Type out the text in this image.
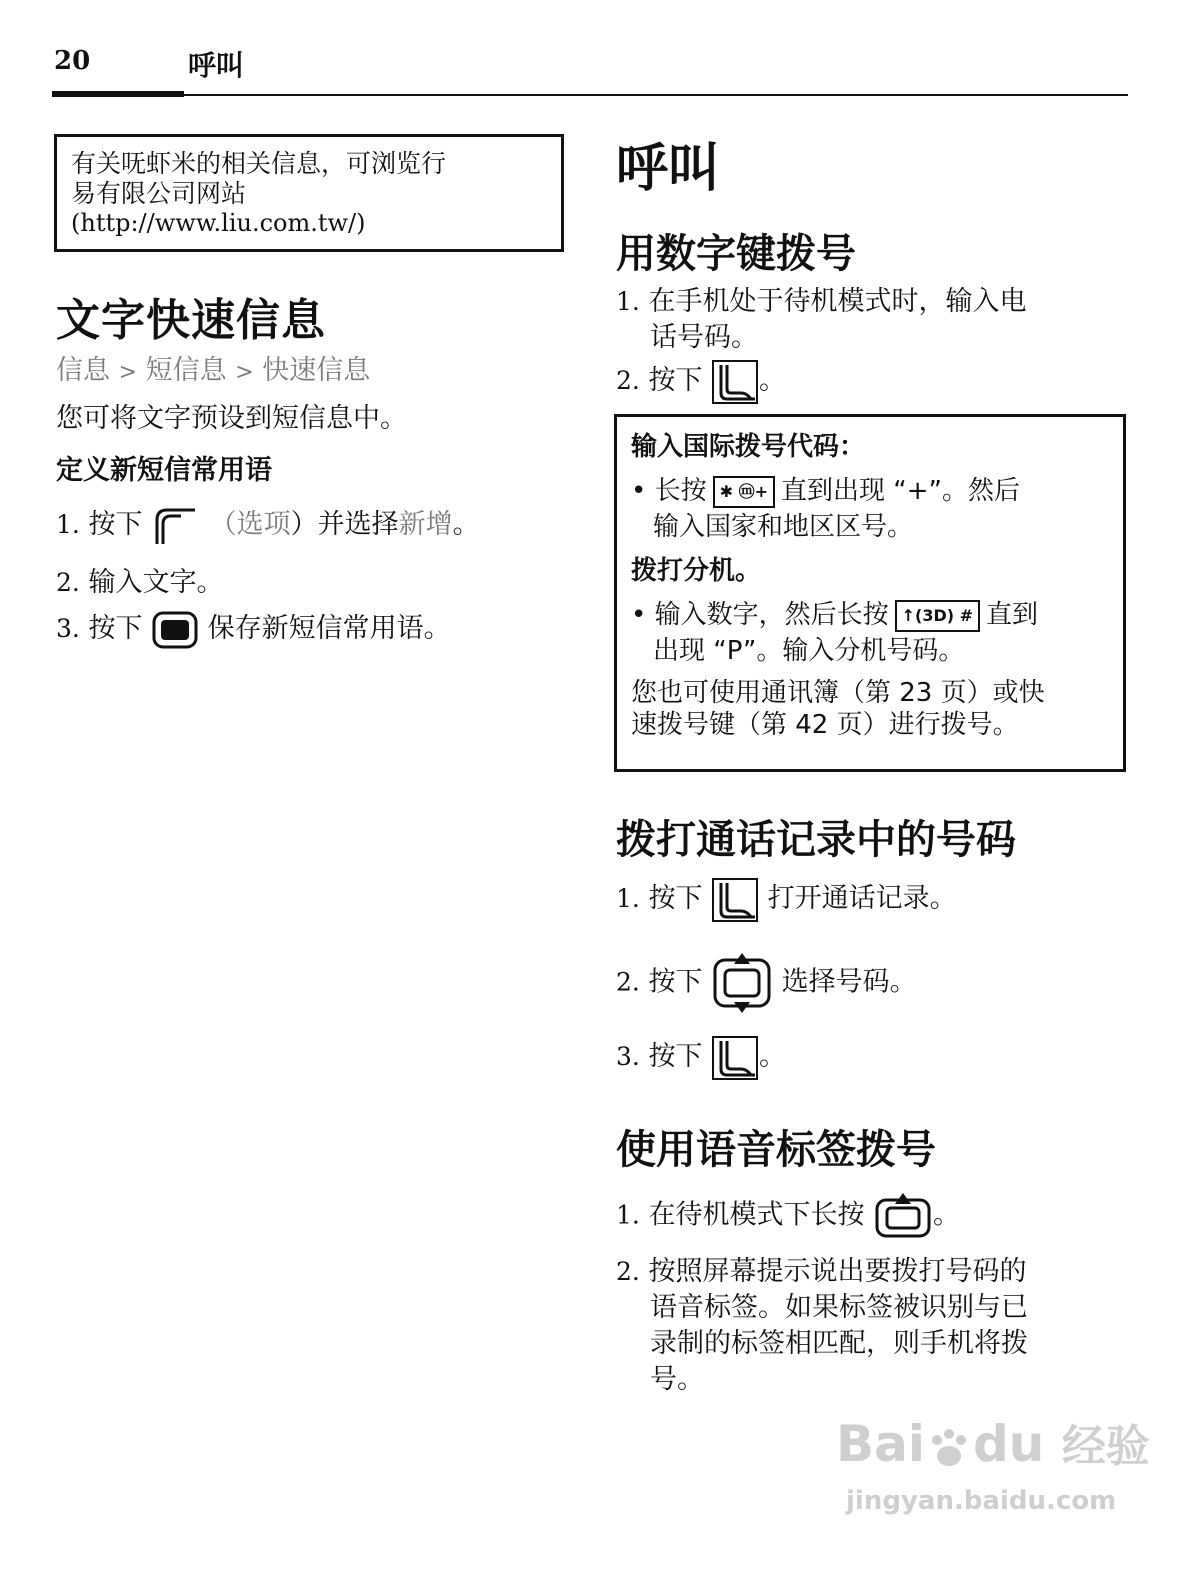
20	呼叫
有关呒虾米的相关信息，可浏览行
易有限公司网站
(http://www.liu.com.tw/)
文字快速信息
信息 > 短信息 > 快速信息
您可将文字预设到短信息中。
定义新短信常用语
1. 按下 （选项）并选择新增。
2. 输入文字。
3. 按下 保存新短信常用语。
呼叫
用数字键拨号
1. 在手机处于待机模式时，输入电
话号码。
2. 按下 。
输入国际拨号代码：
• 长按 ✱ ⓜ+ 直到出现 “+”。然后
输入国家和地区区号。
拨打分机。
• 输入数字，然后长按 ↑(3D) # 直到
出现 “P”。输入分机号码。
您也可使用通讯簿（第 23 页）或快
速拨号键（第 42 页）进行拨号。
拨打通话记录中的号码
1. 按下 打开通话记录。
2. 按下	选择号码。
3. 按下 。
使用语音标签拨号
1. 在待机模式下长按	。
2. 按照屏幕提示说出要拨打号码的
语音标签。如果标签被识别与已
录制的标签相匹配，则手机将拨
号。
Bai du 经验
jingyan.baidu.com
